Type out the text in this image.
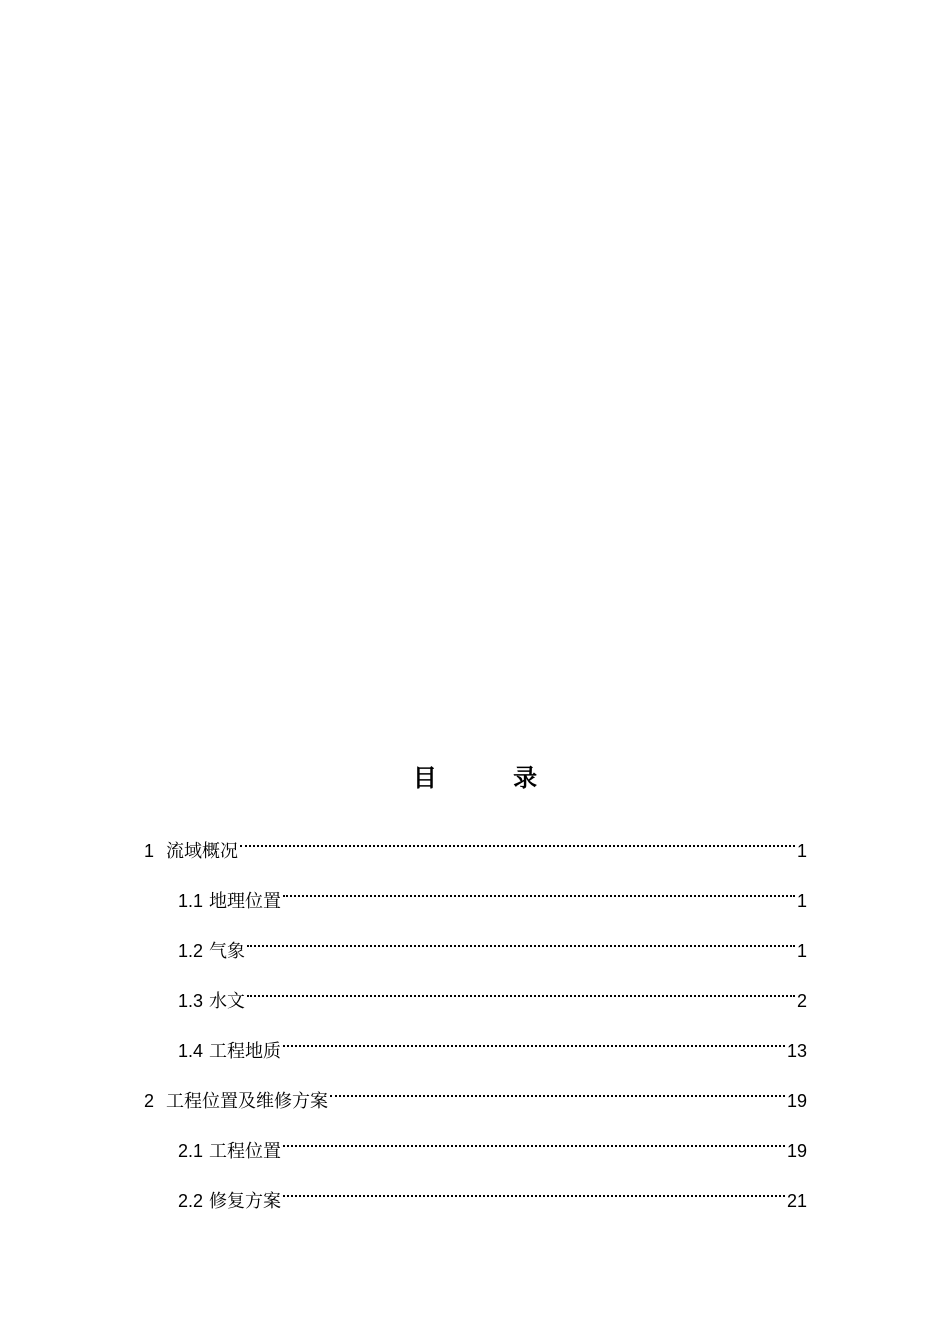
目 录
1 流域概况	1
1.1 地理位置	1
1.2 气象	1
1.3 水文	2
1.4 工程地质	13
2 工程位置及维修方案	19
2.1 工程位置	19
2.2 修复方案	21
